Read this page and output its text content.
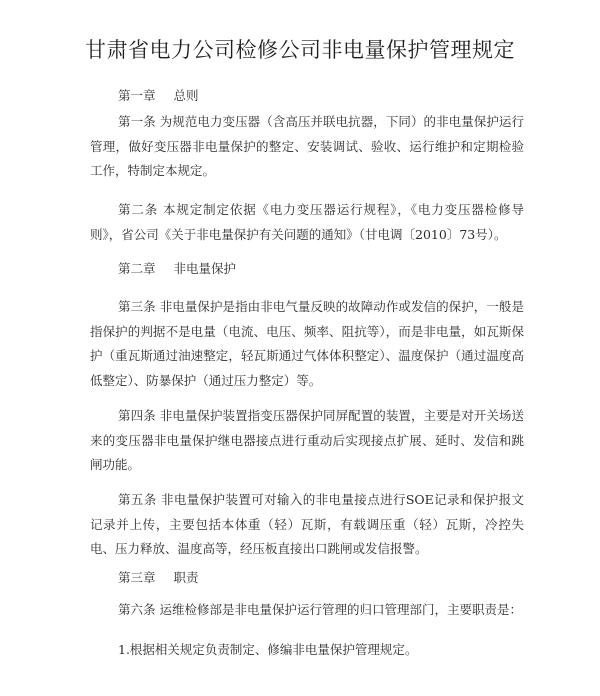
甘肃省电力公司检修公司非电量保护管理规定
第一章 总则

第一条 为规范电力变压器（含高压并联电抗器，下同）的非电量保护运行管理，做好变压器非电量保护的整定、安装调试、验收、运行维护和定期检验工作，特制定本规定。

第二条 本规定制定依据《电力变压器运行规程》，《电力变压器检修导则》，省公司《关于非电量保护有关问题的通知》（甘电调〔2010〕73号）。

第二章 非电量保护

第三条 非电量保护是指由非电气量反映的故障动作或发信的保护，一般是指保护的判据不是电量（电流、电压、频率、阻抗等），而是非电量，如瓦斯保护（重瓦斯通过油速整定，轻瓦斯通过气体体积整定）、温度保护（通过温度高低整定）、防暴保护（通过压力整定）等。

第四条 非电量保护装置指变压器保护同屏配置的装置，主要是对开关场送来的变压器非电量保护继电器接点进行重动后实现接点扩展、延时、发信和跳闸功能。

第五条 非电量保护装置可对输入的非电量接点进行SOE记录和保护报文记录并上传，主要包括本体重（轻）瓦斯，有载调压重（轻）瓦斯，冷控失电、压力释放、温度高等，经压板直接出口跳闸或发信报警。

第三章 职责

第六条 运维检修部是非电量保护运行管理的归口管理部门，主要职责是：

1.根据相关规定负责制定、修编非电量保护管理规定。
